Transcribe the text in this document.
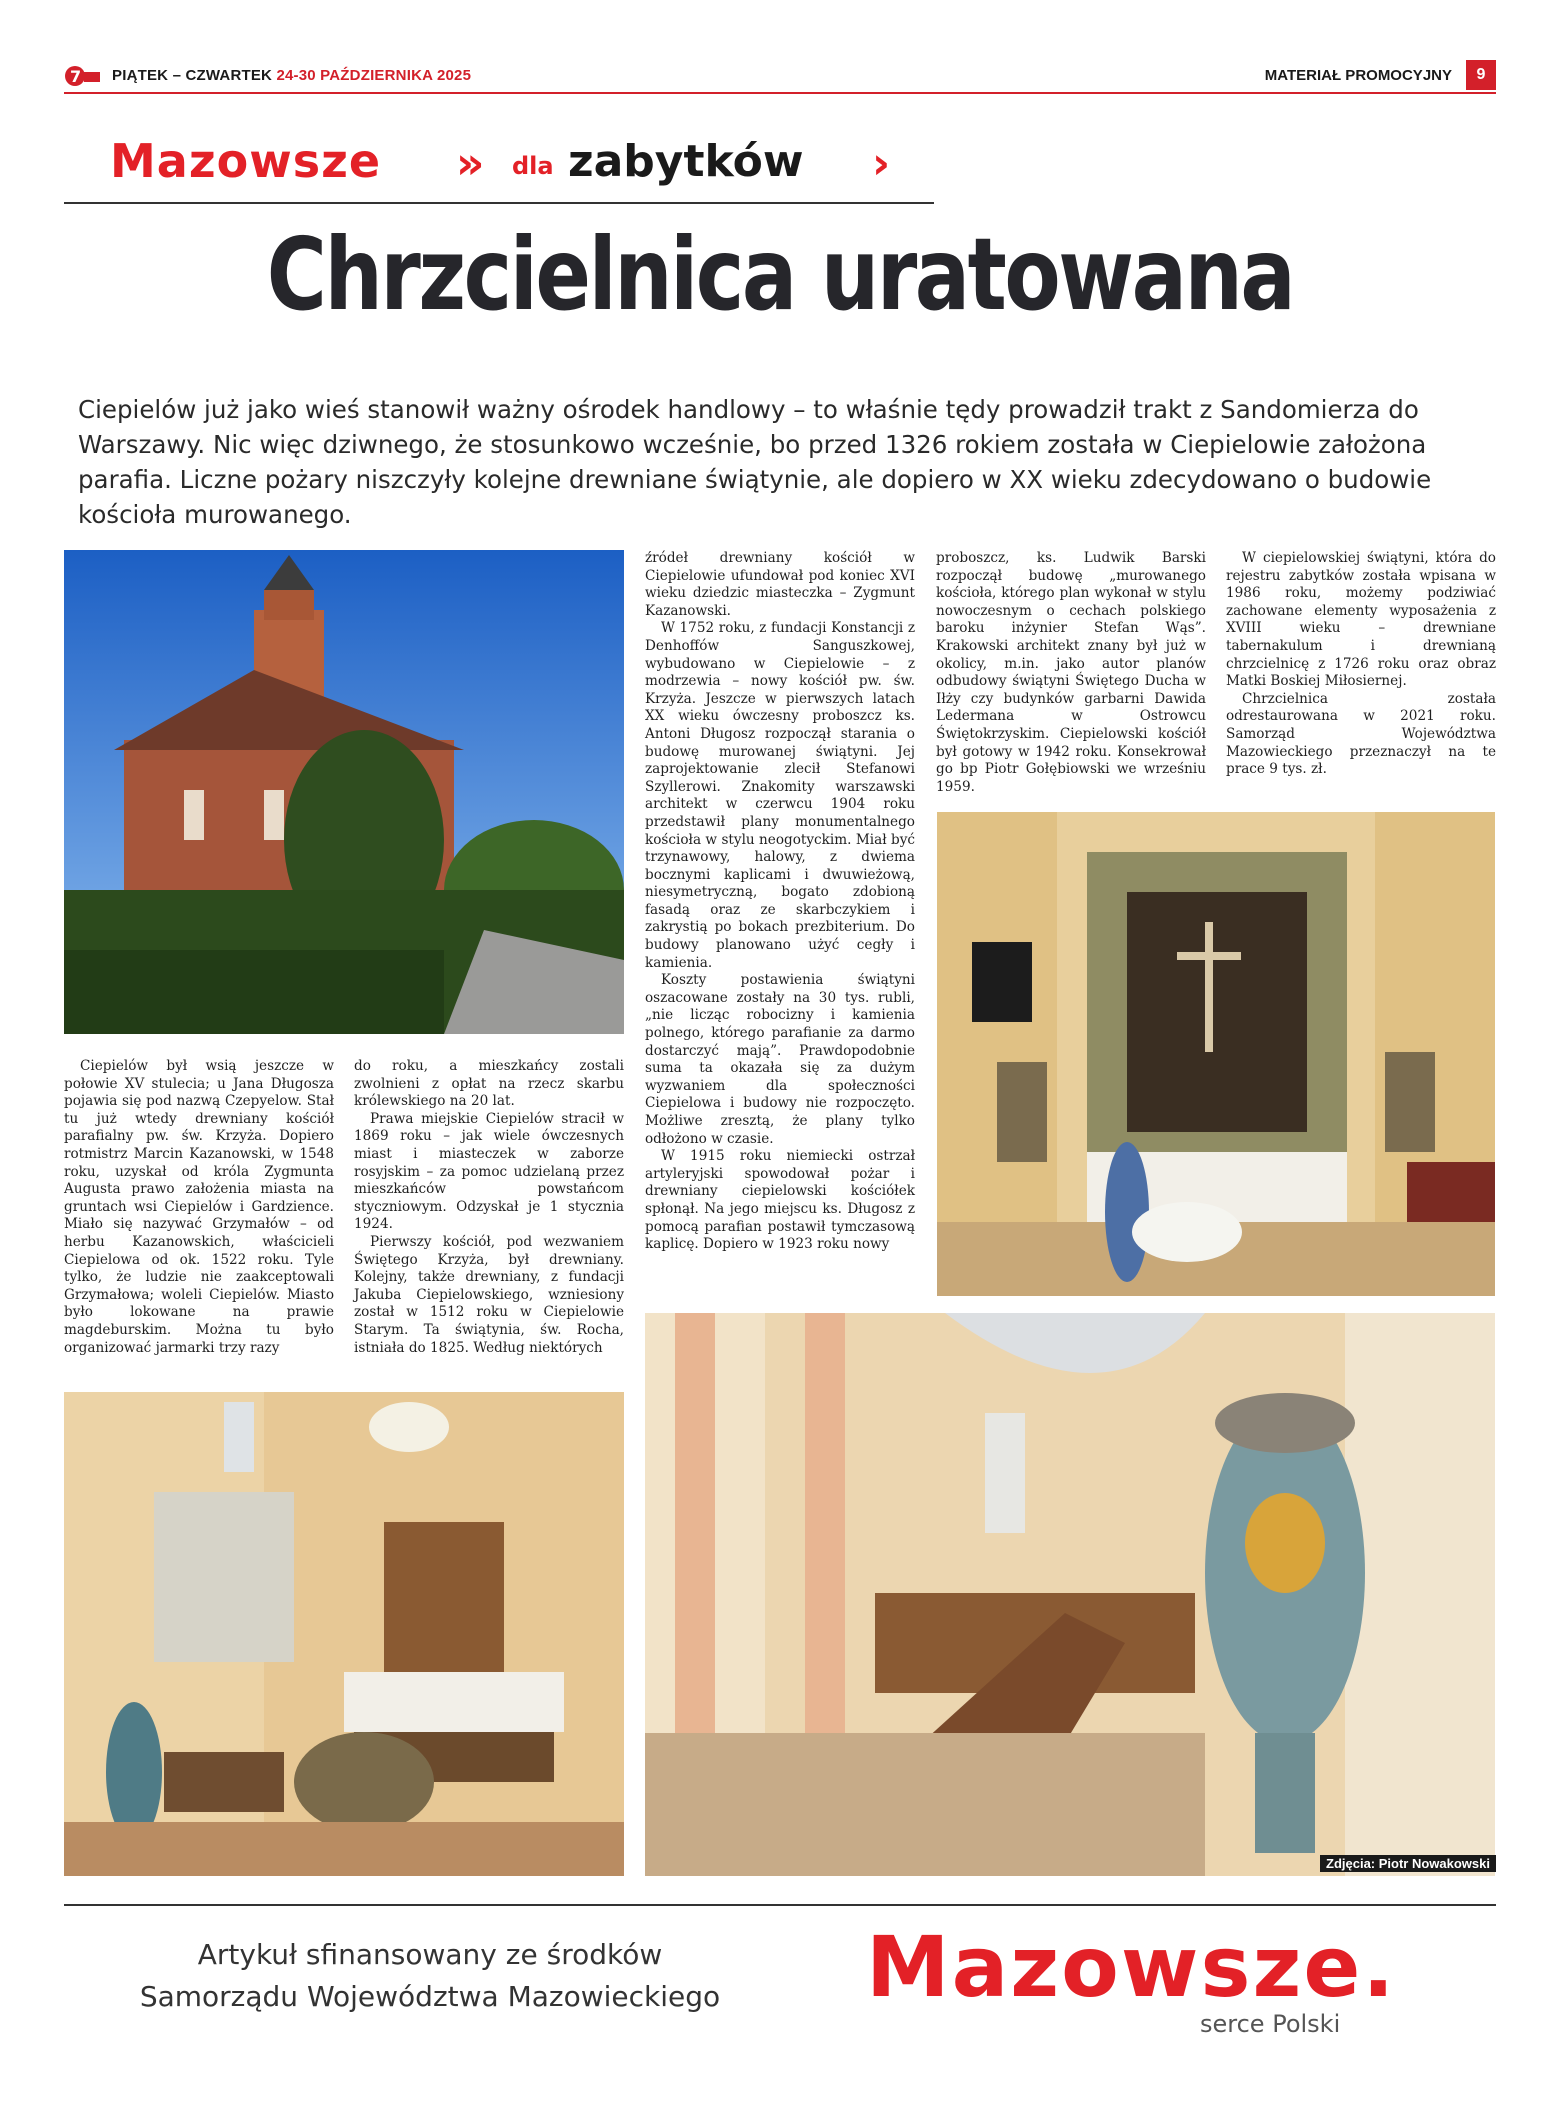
7 PIĄTEK – CZWARTEK 24-30 PAŹDZIERNIKA 2025	MATERIAŁ PROMOCYJNY	9
Mazowsze » dla zabytków ›
Chrzcielnica uratowana
Ciepielów już jako wieś stanowił ważny ośrodek handlowy – to właśnie tędy prowadził trakt z Sandomierza do Warszawy. Nic więc dziwnego, że stosunkowo wcześnie, bo przed 1326 rokiem została w Ciepielowie założona parafia. Liczne pożary niszczyły kolejne drewniane świątynie, ale dopiero w XX wieku zdecydowano o budowie kościoła murowanego.
Zdjęcia: Piotr Nowakowski

Ciepielów był wsią jeszcze w połowie XV stulecia; u Jana Długosza pojawia się pod nazwą Czepyelow. Stał tu już wtedy drewniany kościół parafialny pw. św. Krzyża. Dopiero rotmistrz Marcin Kazanowski, w 1548 roku, uzyskał od króla Zygmunta Augusta prawo założenia miasta na gruntach wsi Ciepielów i Gardzience. Miało się nazywać Grzymałów – od herbu Kazanowskich, właścicieli Ciepielowa od ok. 1522 roku. Tyle tylko, że ludzie nie zaakceptowali Grzymałowa; woleli Ciepielów. Miasto było lokowane na prawie magdeburskim. Można tu było organizować jarmarki trzy razy

do roku, a mieszkańcy zostali zwolnieni z opłat na rzecz skarbu królewskiego na 20 lat.

Prawa miejskie Ciepielów stracił w 1869 roku – jak wiele ówczesnych miast i miasteczek w zaborze rosyjskim – za pomoc udzielaną przez mieszkańców powstańcom styczniowym. Odzyskał je 1 stycznia 1924.

Pierwszy kościół, pod wezwaniem Świętego Krzyża, był drewniany. Kolejny, także drewniany, z fundacji Jakuba Ciepielowskiego, wzniesiony został w 1512 roku w Ciepielowie Starym. Ta świątynia, św. Rocha, istniała do 1825. Według niektórych

źródeł drewniany kościół w Ciepielowie ufundował pod koniec XVI wieku dziedzic miasteczka – Zygmunt Kazanowski.

W 1752 roku, z fundacji Konstancji z Denhoffów Sanguszkowej, wybudowano w Ciepielowie – z modrzewia – nowy kościół pw. św. Krzyża. Jeszcze w pierwszych latach XX wieku ówczesny proboszcz ks. Antoni Długosz rozpoczął starania o budowę murowanej świątyni. Jej zaprojektowanie zlecił Stefanowi Szyllerowi. Znakomity warszawski architekt w czerwcu 1904 roku przedstawił plany monumentalnego kościoła w stylu neogotyckim. Miał być trzynawowy, halowy, z dwiema bocznymi kaplicami i dwuwieżową, niesymetryczną, bogato zdobioną fasadą oraz ze skarbczykiem i zakrystią po bokach prezbiterium. Do budowy planowano użyć cegły i kamienia.

Koszty postawienia świątyni oszacowane zostały na 30 tys. rubli, „nie licząc robocizny i kamienia polnego, którego parafianie za darmo dostarczyć mają”. Prawdopodobnie suma ta okazała się za dużym wyzwaniem dla społeczności Ciepielowa i budowy nie rozpoczęto. Możliwe zresztą, że plany tylko odłożono w czasie.

W 1915 roku niemiecki ostrzał artyleryjski spowodował pożar i drewniany ciepielowski kościółek spłonął. Na jego miejscu ks. Długosz z pomocą parafian postawił tymczasową kaplicę. Dopiero w 1923 roku nowy

proboszcz, ks. Ludwik Barski rozpoczął budowę „murowanego kościoła, którego plan wykonał w stylu nowoczesnym o cechach polskiego baroku inżynier Stefan Wąs”. Krakowski architekt znany był już w okolicy, m.in. jako autor planów odbudowy świątyni Świętego Ducha w Iłży czy budynków garbarni Dawida Ledermana w Ostrowcu Świętokrzyskim. Ciepielowski kościół był gotowy w 1942 roku. Konsekrował go bp Piotr Gołębiowski we wrześniu 1959.

W ciepielowskiej świątyni, która do rejestru zabytków została wpisana w 1986 roku, możemy podziwiać zachowane elementy wyposażenia z XVIII wieku – drewniane tabernakulum i drewnianą chrzcielnicę z 1726 roku oraz obraz Matki Boskiej Miłosiernej.

Chrzcielnica została odrestaurowana w 2021 roku. Samorząd Województwa Mazowieckiego przeznaczył na te prace 9 tys. zł.

Artykuł sfinansowany ze środków
Samorządu Województwa Mazowieckiego	Mazowsze.
serce Polski
